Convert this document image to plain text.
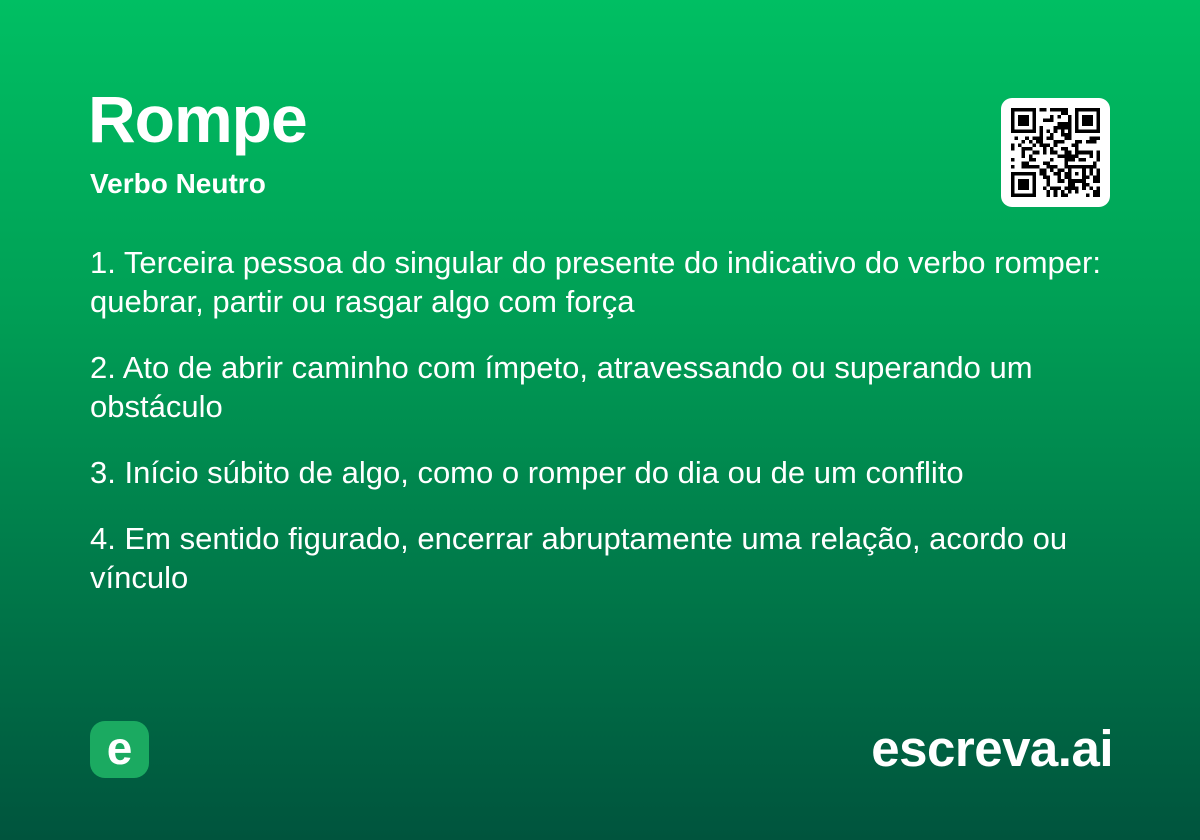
Rompe
Verbo Neutro

1. Terceira pessoa do singular do presente do indicativo do verbo romper: quebrar, partir ou rasgar algo com força

2. Ato de abrir caminho com ímpeto, atravessando ou superando um obstáculo

3. Início súbito de algo, como o romper do dia ou de um conflito

4. Em sentido figurado, encerrar abruptamente uma relação, acordo ou vínculo

e	escreva.ai
